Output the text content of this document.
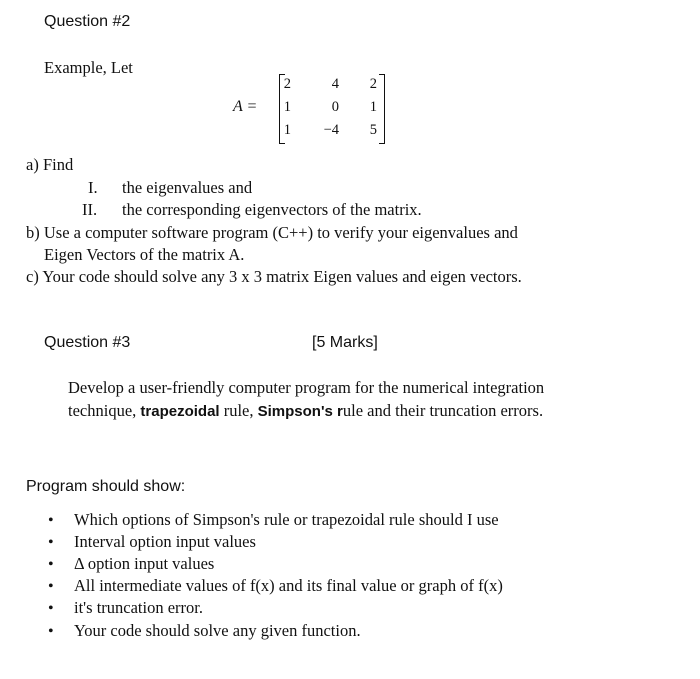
Question #2
Example, Let
A =
2	4	2
1	0	1
1	−4	5
a) Find
I. the eigenvalues and
II. the corresponding eigenvectors of the matrix.
b) Use a computer software program (C++) to verify your eigenvalues and
Eigen Vectors of the matrix A.
c) Your code should solve any 3 x 3 matrix Eigen values and eigen vectors.
Question #3	[5 Marks]
Develop a user-friendly computer program for the numerical integration
technique, trapezoidal rule, Simpson's rule and their truncation errors.
Program should show:
• Which options of Simpson's rule or trapezoidal rule should I use
• Interval option input values
• Δ option input values
• All intermediate values of f(x) and its final value or graph of f(x)
• it's truncation error.
• Your code should solve any given function.
